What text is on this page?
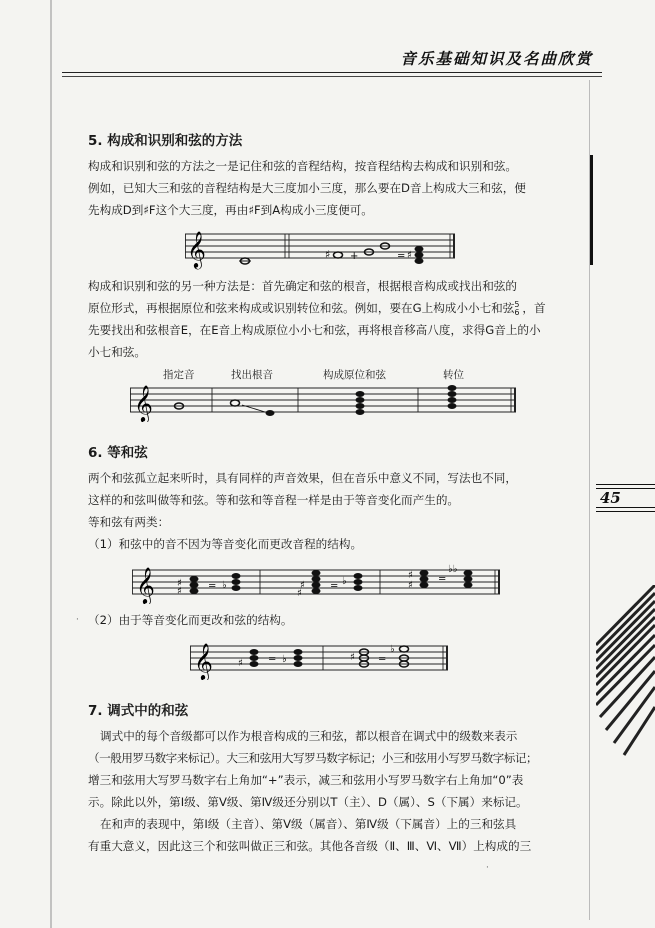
音乐基础知识及名曲欣赏
45
5. 构成和识别和弦的方法

构成和识别和弦的方法之一是记住和弦的音程结构，按音程结构去构成和识别和弦。

例如，已知大三和弦的音程结构是大三度加小三度，那么要在D音上构成大三和弦，便

先构成D到♯F这个大三度，再由♯F到A构成小三度便可。

𝄞	♯ +	= ♯

构成和识别和弦的另一种方法是：首先确定和弦的根音，根据根音构成或找出和弦的

原位形式，再根据原位和弦来构成或识别转位和弦。例如，要在G上构成小小七和弦5 6 ，首

先要找出和弦根音E，在E音上构成原位小小七和弦，再将根音移高八度，求得G音上的小

小七和弦。

指定音	找出根音	构成原位和弦	转位
𝄞
6. 等和弦

两个和弦孤立起来听时，具有同样的声音效果，但在音乐中意义不同，写法也不同，

这样的和弦叫做等和弦。等和弦和等音程一样是由于等音变化而产生的。

等和弦有两类：

（1）和弦中的音不因为等音变化而更改音程的结构。

𝄞 ♯
♯	= ♭
♯
♯	= ♭
♯
♯
=
♭♭
· （2）由于等音变化而更改和弦的结构。

𝄞	♯	= ♭	♯ =
♭
7. 调式中的和弦

调式中的每个音级都可以作为根音构成的三和弦，都以根音在调式中的级数来表示

（一般用罗马数字来标记）。大三和弦用大写罗马数字标记；小三和弦用小写罗马数字标记；

增三和弦用大写罗马数字右上角加“+”表示，减三和弦用小写罗马数字右上角加“0”表

示。除此以外，第Ⅰ级、第Ⅴ级、第Ⅳ级还分别以T（主）、D（属）、S（下属）来标记。

在和声的表现中，第Ⅰ级（主音）、第Ⅴ级（属音）、第Ⅳ级（下属音）上的三和弦具

有重大意义，因此这三个和弦叫做正三和弦。其他各音级（Ⅱ、Ⅲ、Ⅵ、Ⅶ）上构成的三

·
